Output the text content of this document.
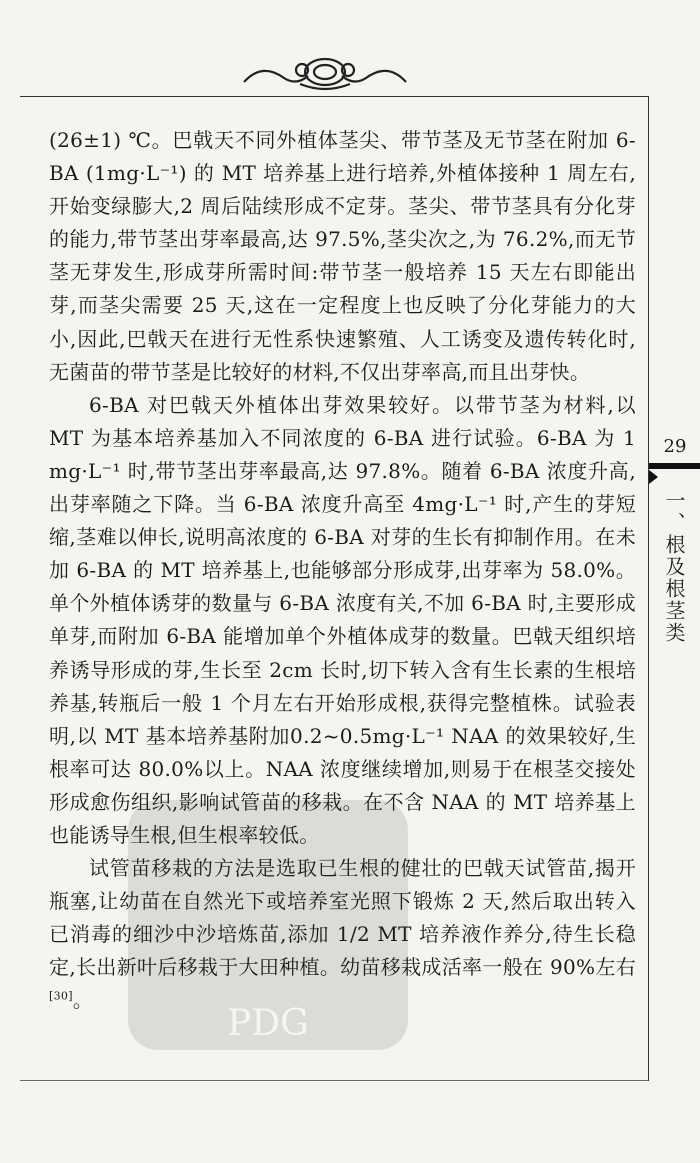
PDG

(26±1) ℃。巴戟天不同外植体茎尖、带节茎及无节茎在附加 6-BA (1mg·L⁻¹) 的 MT 培养基上进行培养,外植体接种 1 周左右,开始变绿膨大,2 周后陆续形成不定芽。茎尖、带节茎具有分化芽的能力,带节茎出芽率最高,达 97.5%,茎尖次之,为 76.2%,而无节茎无芽发生,形成芽所需时间:带节茎一般培养 15 天左右即能出芽,而茎尖需要 25 天,这在一定程度上也反映了分化芽能力的大小,因此,巴戟天在进行无性系快速繁殖、人工诱变及遗传转化时,无菌苗的带节茎是比较好的材料,不仅出芽率高,而且出芽快。

6-BA 对巴戟天外植体出芽效果较好。以带节茎为材料,以 MT 为基本培养基加入不同浓度的 6-BA 进行试验。6-BA 为 1 mg·L⁻¹ 时,带节茎出芽率最高,达 97.8%。随着 6-BA 浓度升高,出芽率随之下降。当 6-BA 浓度升高至 4mg·L⁻¹ 时,产生的芽短缩,茎难以伸长,说明高浓度的 6-BA 对芽的生长有抑制作用。在未加 6-BA 的 MT 培养基上,也能够部分形成芽,出芽率为 58.0%。单个外植体诱芽的数量与 6-BA 浓度有关,不加 6-BA 时,主要形成单芽,而附加 6-BA 能增加单个外植体成芽的数量。巴戟天组织培养诱导形成的芽,生长至 2cm 长时,切下转入含有生长素的生根培养基,转瓶后一般 1 个月左右开始形成根,获得完整植株。试验表明,以 MT 基本培养基附加0.2~0.5mg·L⁻¹ NAA 的效果较好,生根率可达 80.0%以上。NAA 浓度继续增加,则易于在根茎交接处形成愈伤组织,影响试管苗的移栽。在不含 NAA 的 MT 培养基上也能诱导生根,但生根率较低。

试管苗移栽的方法是选取已生根的健壮的巴戟天试管苗,揭开瓶塞,让幼苗在自然光下或培养室光照下锻炼 2 天,然后取出转入已消毒的细沙中沙培炼苗,添加 1/2 MT 培养液作养分,待生长稳定,长出新叶后移栽于大田种植。幼苗移栽成活率一般在 90%左右[30]。

29
一、根及根茎类
